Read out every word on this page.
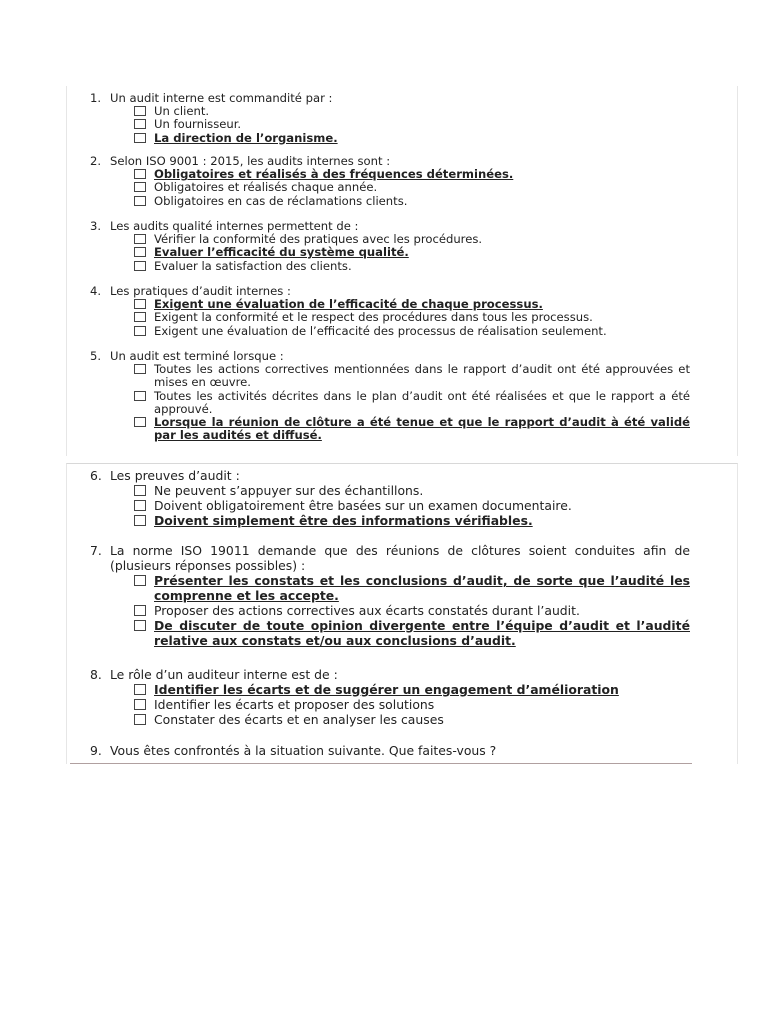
1. Un audit interne est commandité par :
Un client.
Un fournisseur.
La direction de l’organisme.
2. Selon ISO 9001 : 2015, les audits internes sont :
Obligatoires et réalisés à des fréquences déterminées.
Obligatoires et réalisés chaque année.
Obligatoires en cas de réclamations clients.
3. Les audits qualité internes permettent de :
Vérifier la conformité des pratiques avec les procédures.
Evaluer l’efficacité du système qualité.
Evaluer la satisfaction des clients.
4. Les pratiques d’audit internes :
Exigent une évaluation de l’efficacité de chaque processus.
Exigent la conformité et le respect des procédures dans tous les processus.
Exigent une évaluation de l’efficacité des processus de réalisation seulement.
5. Un audit est terminé lorsque :
Toutes les actions correctives mentionnées dans le rapport d’audit ont été approuvées et mises en œuvre.
Toutes les activités décrites dans le plan d’audit ont été réalisées et que le rapport a été approuvé.
Lorsque la réunion de clôture a été tenue et que le rapport d’audit à été validé par les audités et diffusé.
6. Les preuves d’audit :
Ne peuvent s’appuyer sur des échantillons.
Doivent obligatoirement être basées sur un examen documentaire.
Doivent simplement être des informations vérifiables.
7. La norme ISO 19011 demande que des réunions de clôtures soient conduites afin de (plusieurs réponses possibles) :
Présenter les constats et les conclusions d’audit, de sorte que l’audité les comprenne et les accepte.
Proposer des actions correctives aux écarts constatés durant l’audit.
De discuter de toute opinion divergente entre l’équipe d’audit et l’audité relative aux constats et/ou aux conclusions d’audit.
8. Le rôle d’un auditeur interne est de :
Identifier les écarts et de suggérer un engagement d’amélioration
Identifier les écarts et proposer des solutions
Constater des écarts et en analyser les causes
9. Vous êtes confrontés à la situation suivante. Que faites-vous ?
